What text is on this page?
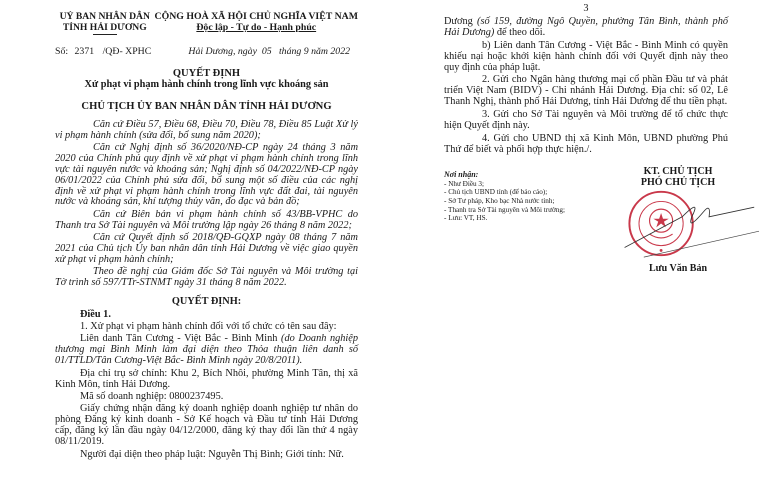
UỶ BAN NHÂN DÂN
TỈNH HẢI DƯƠNG
CỘNG HOÀ XÃ HỘI CHỦ NGHĨA VIỆT NAM
Độc lập - Tự do - Hạnh phúc
Số: 2371 /QĐ- XPHC	Hải Dương, ngày  05   tháng 9 năm 2022
QUYẾT ĐỊNH
Xử phạt vi phạm hành chính trong lĩnh vực khoáng sản
CHỦ TỊCH ỦY BAN NHÂN DÂN TỈNH HẢI DƯƠNG

Căn cứ Điều 57, Điều 68, Điều 70, Điều 78, Điều 85 Luật Xử lý vi phạm hành chính (sửa đổi, bổ sung năm 2020);

Căn cứ Nghị định số 36/2020/NĐ-CP ngày 24 tháng 3 năm 2020 của Chính phủ quy định về xử phạt vi phạm hành chính trong lĩnh vực tài nguyên nước và khoáng sản; Nghị định số 04/2022/NĐ-CP ngày 06/01/2022 của Chính phủ sửa đổi, bổ sung một số điều của các nghị định về xử phạt vi phạm hành chính trong lĩnh vực đất đai, tài nguyên nước và khoáng sản, khí tượng thủy văn, đo đạc và bản đồ;

Căn cứ Biên bản vi phạm hành chính số 43/BB-VPHC do Thanh tra Sở Tài nguyên và Môi trường lập ngày 26 tháng 8 năm 2022;

Căn cứ Quyết định số 2018/QĐ-GQXP ngày 08 tháng 7 năm 2021 của Chủ tịch Ủy ban nhân dân tỉnh Hải Dương về việc giao quyền xử phạt vi phạm hành chính;

Theo đề nghị của Giám đốc Sở Tài nguyên và Môi trường tại Tờ trình số 597/TTr-STNMT ngày 31 tháng 8 năm 2022.

QUYẾT ĐỊNH:

Điều 1.

1. Xử phạt vi phạm hành chính đối với tổ chức có tên sau đây:

Liên danh Tân Cương - Việt Bắc - Bình Minh (do Doanh nghiệp thương mại Bình Minh làm đại diện theo Thỏa thuận liên danh số 01/TTLD/Tân Cương-Việt Bắc- Bình Minh ngày 20/8/2011).

Địa chỉ trụ sở chính: Khu 2, Bích Nhôi, phường Minh Tân, thị xã Kinh Môn, tỉnh Hải Dương.

Mã số doanh nghiệp: 0800237495.

Giấy chứng nhận đăng ký doanh nghiệp doanh nghiệp tư nhân do phòng Đăng ký kinh doanh - Sở Kế hoạch và Đầu tư tỉnh Hải Dương cấp, đăng ký lần đầu ngày 04/12/2000, đăng ký thay đổi lần thứ 4 ngày 08/11/2019.

Người đại diện theo pháp luật: Nguyễn Thị Bình; Giới tính: Nữ.

3

Dương (số 159, đường Ngô Quyền, phường Tân Bình, thành phố Hải Dương) để theo dõi.

b) Liên danh Tân Cương - Việt Bắc - Bình Minh có quyền khiếu nại hoặc khởi kiện hành chính đối với Quyết định này theo quy định của pháp luật.

2. Gửi cho Ngân hàng thương mại cổ phần Đầu tư và phát triển Việt Nam (BIDV) - Chi nhánh Hải Dương. Địa chỉ: số 02, Lê Thanh Nghị, thành phố Hải Dương, tỉnh Hải Dương để thu tiền phạt.

3. Gửi cho Sở Tài nguyên và Môi trường để tổ chức thực hiện Quyết định này.

4. Gửi cho UBND thị xã Kinh Môn, UBND phường Phú Thứ để biết và phối hợp thực hiện./.

Nơi nhận:
- Như Điều 3;
- Chủ tịch UBND tỉnh (để báo cáo);
- Sở Tư pháp, Kho bạc Nhà nước tỉnh;
- Thanh tra Sở Tài nguyên và Môi trường;
- Lưu: VT, HS.
KT. CHỦ TỊCH
PHÓ CHỦ TỊCH
Lưu Văn Bản
